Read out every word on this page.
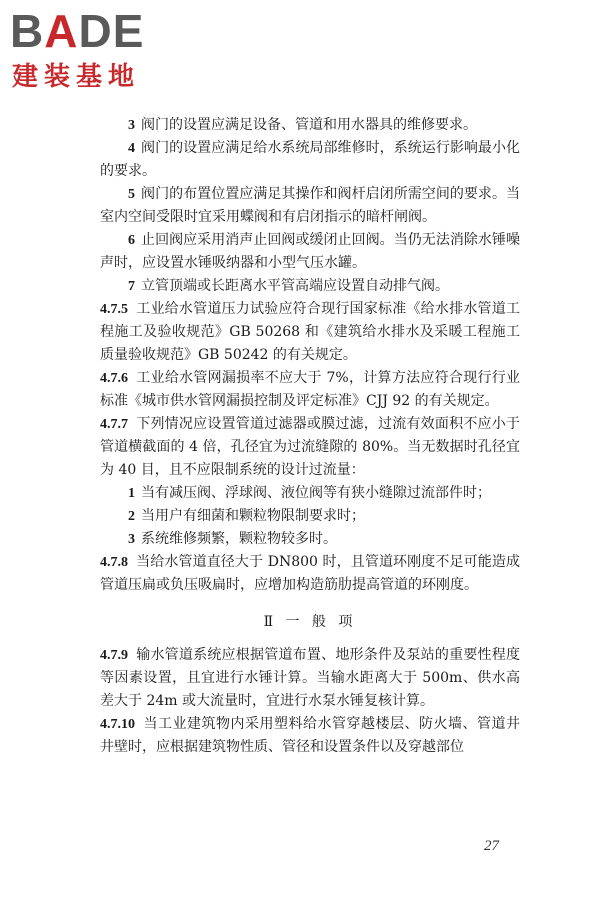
BADE
建装基地

3 阀门的设置应满足设备、管道和用水器具的维修要求。

4 阀门的设置应满足给水系统局部维修时，系统运行影响最小化的要求。

5 阀门的布置位置应满足其操作和阀杆启闭所需空间的要求。当室内空间受限时宜采用蝶阀和有启闭指示的暗杆闸阀。

6 止回阀应采用消声止回阀或缓闭止回阀。当仍无法消除水锤噪声时，应设置水锤吸纳器和小型气压水罐。

7 立管顶端或长距离水平管高端应设置自动排气阀。

4.7.5 工业给水管道压力试验应符合现行国家标准《给水排水管道工程施工及验收规范》GB 50268 和《建筑给水排水及采暖工程施工质量验收规范》GB 50242 的有关规定。

4.7.6 工业给水管网漏损率不应大于 7%，计算方法应符合现行行业标准《城市供水管网漏损控制及评定标准》CJJ 92 的有关规定。

4.7.7 下列情况应设置管道过滤器或膜过滤，过流有效面积不应小于管道横截面的 4 倍，孔径宜为过流缝隙的 80%。当无数据时孔径宜为 40 目，且不应限制系统的设计过流量：

1 当有减压阀、浮球阀、液位阀等有狭小缝隙过流部件时；

2 当用户有细菌和颗粒物限制要求时；

3 系统维修频繁，颗粒物较多时。

4.7.8 当给水管道直径大于 DN800 时，且管道环刚度不足可能造成管道压扁或负压吸扁时，应增加构造筋肋提高管道的环刚度。

Ⅱ 一 般 项

4.7.9 输水管道系统应根据管道布置、地形条件及泵站的重要性程度等因素设置，且宜进行水锤计算。当输水距离大于 500m、供水高差大于 24m 或大流量时，宜进行水泵水锤复核计算。

4.7.10 当工业建筑物内采用塑料给水管穿越楼层、防火墙、管道井井壁时，应根据建筑物性质、管径和设置条件以及穿越部位

27
